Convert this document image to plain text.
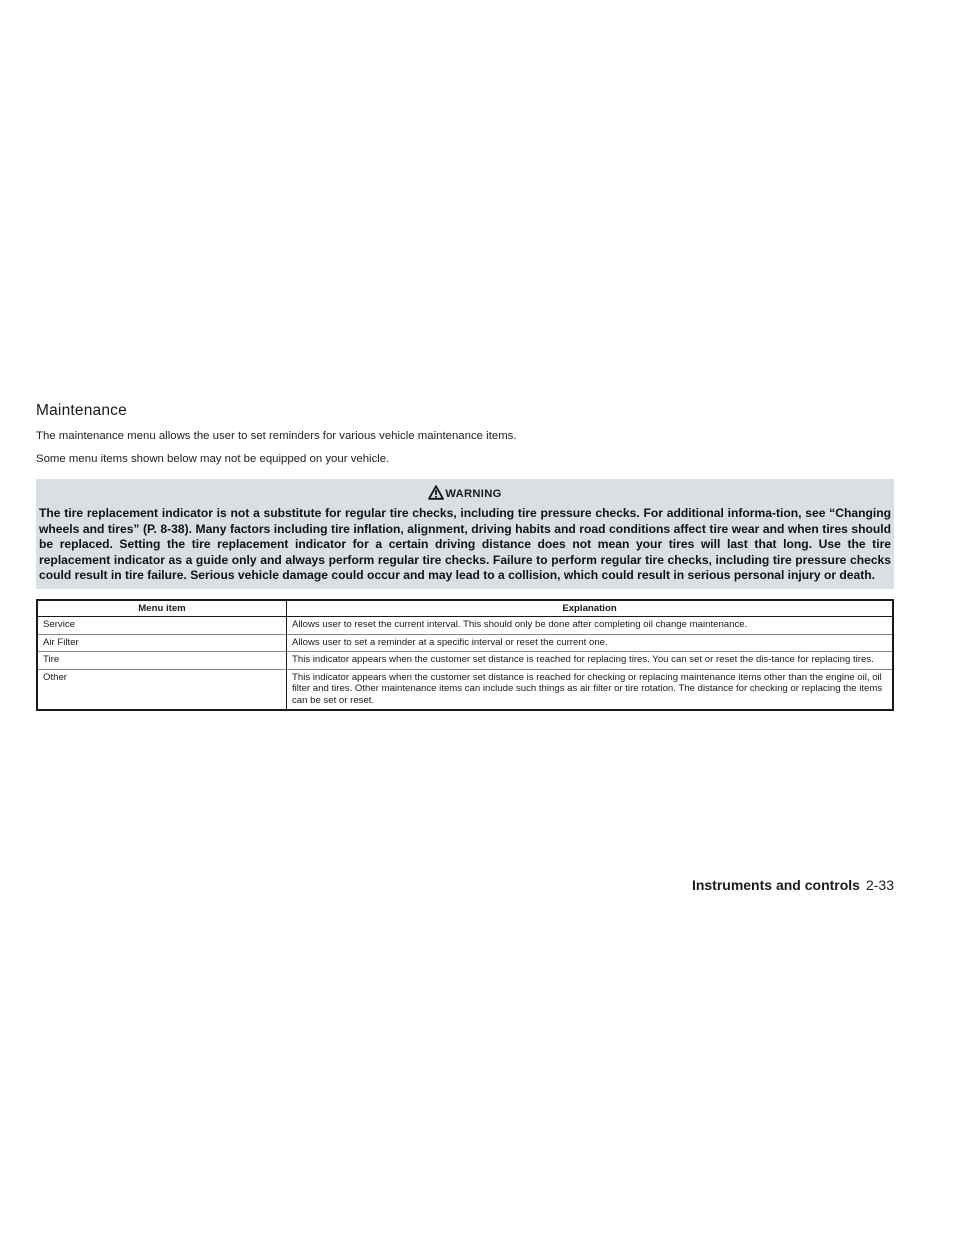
Maintenance

The maintenance menu allows the user to set reminders for various vehicle maintenance items.

Some menu items shown below may not be equipped on your vehicle.

WARNING
The tire replacement indicator is not a substitute for regular tire checks, including tire pressure checks. For additional informa-tion, see “Changing wheels and tires” (P. 8-38). Many factors including tire inflation, alignment, driving habits and road conditions affect tire wear and when tires should be replaced. Setting the tire replacement indicator for a certain driving distance does not mean your tires will last that long. Use the tire replacement indicator as a guide only and always perform regular tire checks. Failure to perform regular tire checks, including tire pressure checks could result in tire failure. Serious vehicle damage could occur and may lead to a collision, which could result in serious personal injury or death.
Menu item	Explanation
Service	Allows user to reset the current interval. This should only be done after completing oil change maintenance.
Air Filter	Allows user to set a reminder at a specific interval or reset the current one.
Tire	This indicator appears when the customer set distance is reached for replacing tires. You can set or reset the dis-tance for replacing tires.
Other	This indicator appears when the customer set distance is reached for checking or replacing maintenance items other than the engine oil, oil filter and tires. Other maintenance items can include such things as air filter or tire rotation. The distance for checking or replacing the items can be set or reset.
Instruments and controls 2-33
